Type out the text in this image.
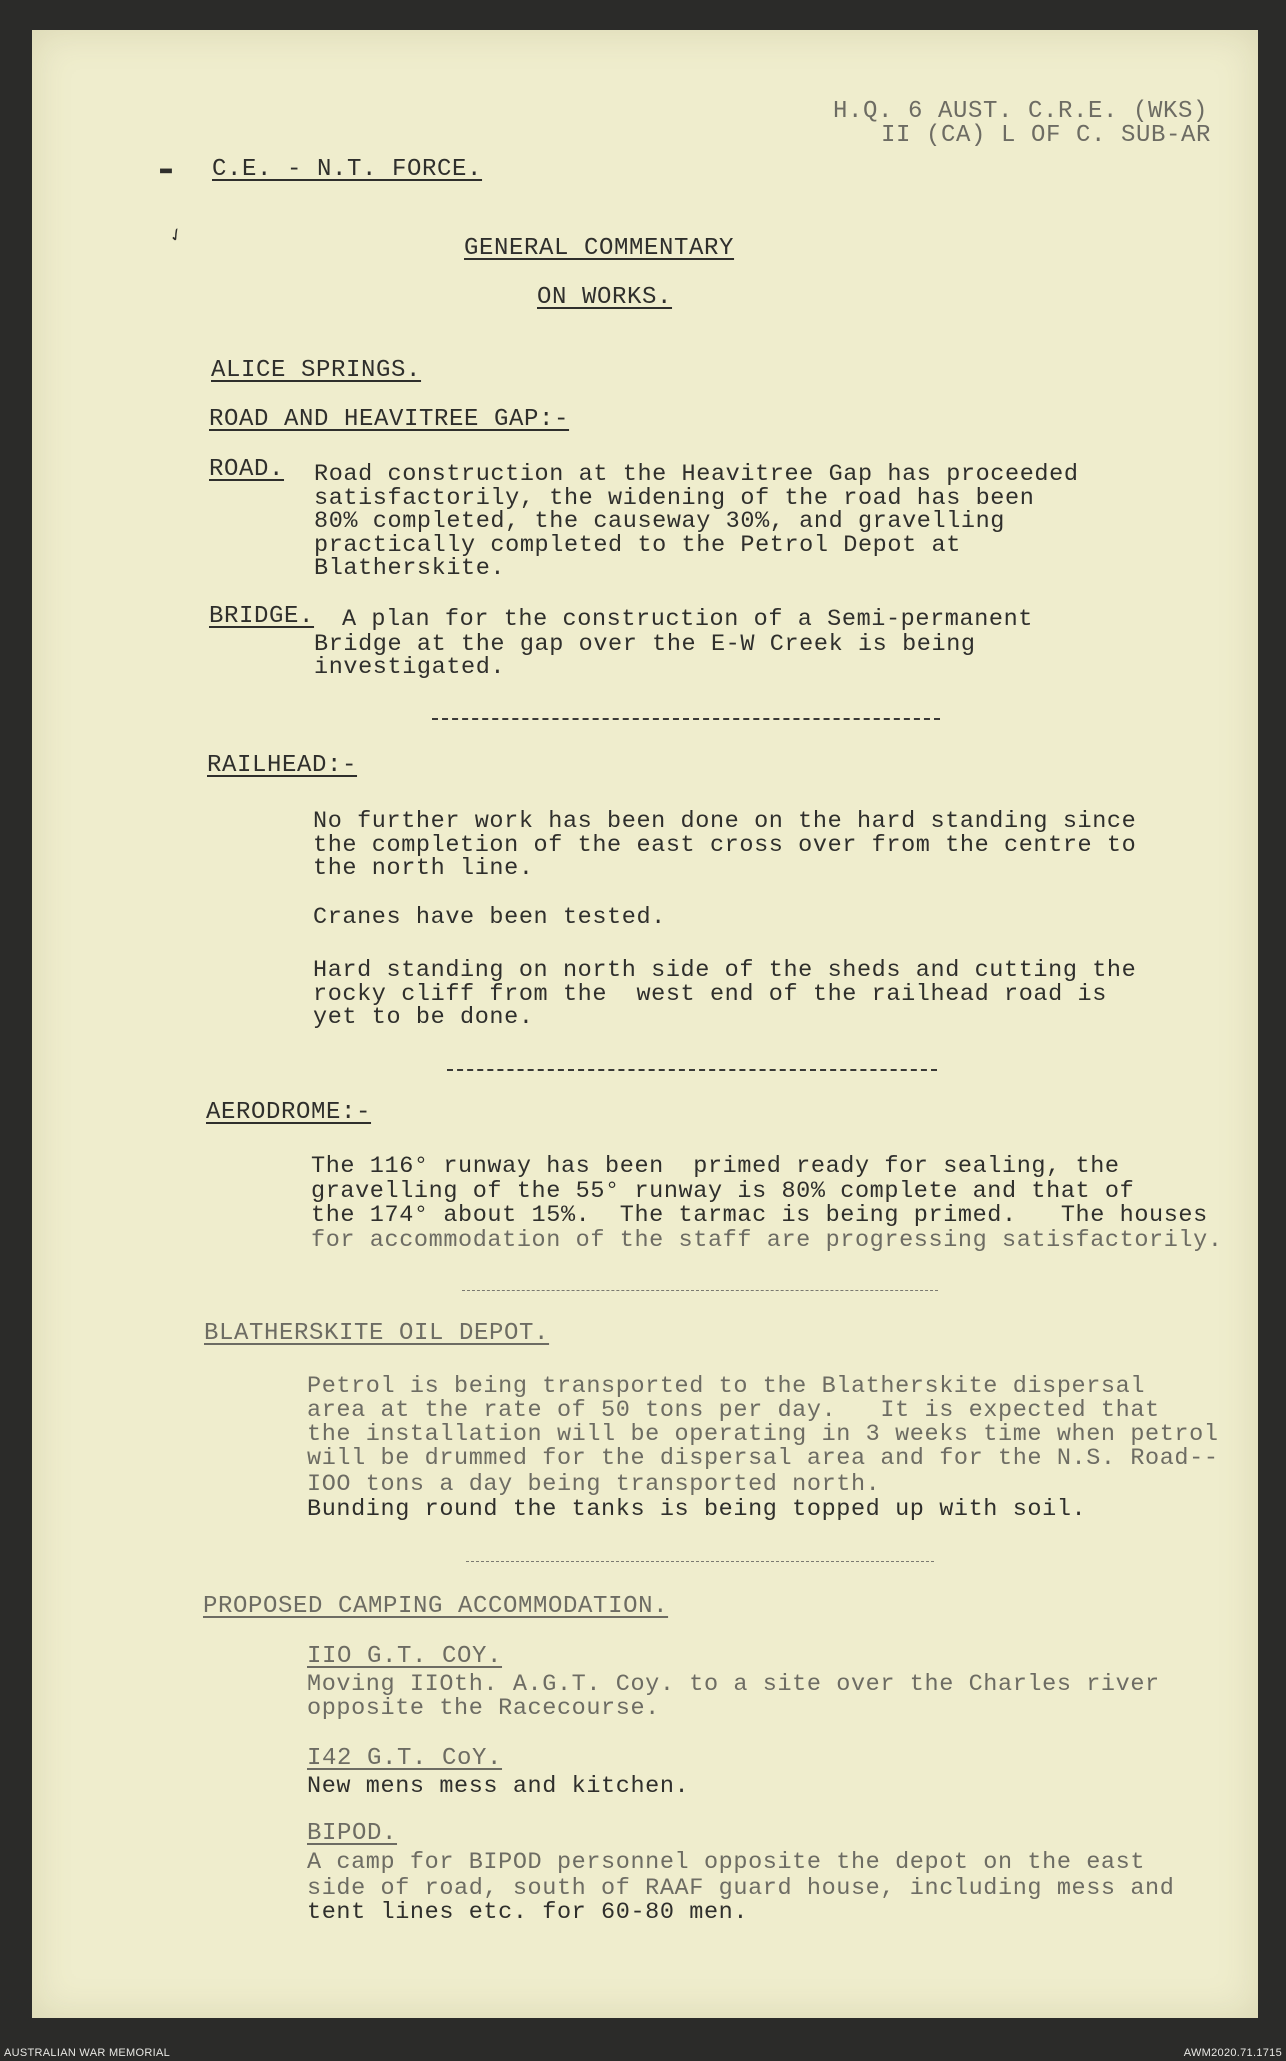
▬
✓
H.Q. 6 AUST. C.R.E. (WKS)
II (CA) L OF C. SUB-AR
C.E. - N.T. FORCE.
GENERAL COMMENTARY
ON WORKS.
ALICE SPRINGS.
ROAD AND HEAVITREE GAP:-
ROAD. Road construction at the Heavitree Gap has proceeded
satisfactorily, the widening of the road has been
80% completed, the causeway 30%, and gravelling
practically completed to the Petrol Depot at
Blatherskite.
BRIDGE. A plan for the construction of a Semi-permanent
Bridge at the gap over the E-W Creek is being
investigated.
RAILHEAD:-
No further work has been done on the hard standing since
the completion of the east cross over from the centre to
the north line.
Cranes have been tested.
Hard standing on north side of the sheds and cutting the
rocky cliff from the  west end of the railhead road is
yet to be done.
AERODROME:-
The 116° runway has been  primed ready for sealing, the
gravelling of the 55° runway is 80% complete and that of
the 174° about 15%.  The tarmac is being primed.   The houses
for accommodation of the staff are progressing satisfactorily.
BLATHERSKITE OIL DEPOT.
Petrol is being transported to the Blatherskite dispersal
area at the rate of 50 tons per day.   It is expected that
the installation will be operating in 3 weeks time when petrol
will be drummed for the dispersal area and for the N.S. Road--
IOO tons a day being transported north.
Bunding round the tanks is being topped up with soil.
PROPOSED CAMPING ACCOMMODATION.
IIO G.T. COY.
Moving IIOth. A.G.T. Coy. to a site over the Charles river
opposite the Racecourse.
I42 G.T. CoY.
New mens mess and kitchen.
BIPOD.
A camp for BIPOD personnel opposite the depot on the east
side of road, south of RAAF guard house, including mess and
tent lines etc. for 60-80 men.
AUSTRALIAN WAR MEMORIAL	AWM2020.71.1715
